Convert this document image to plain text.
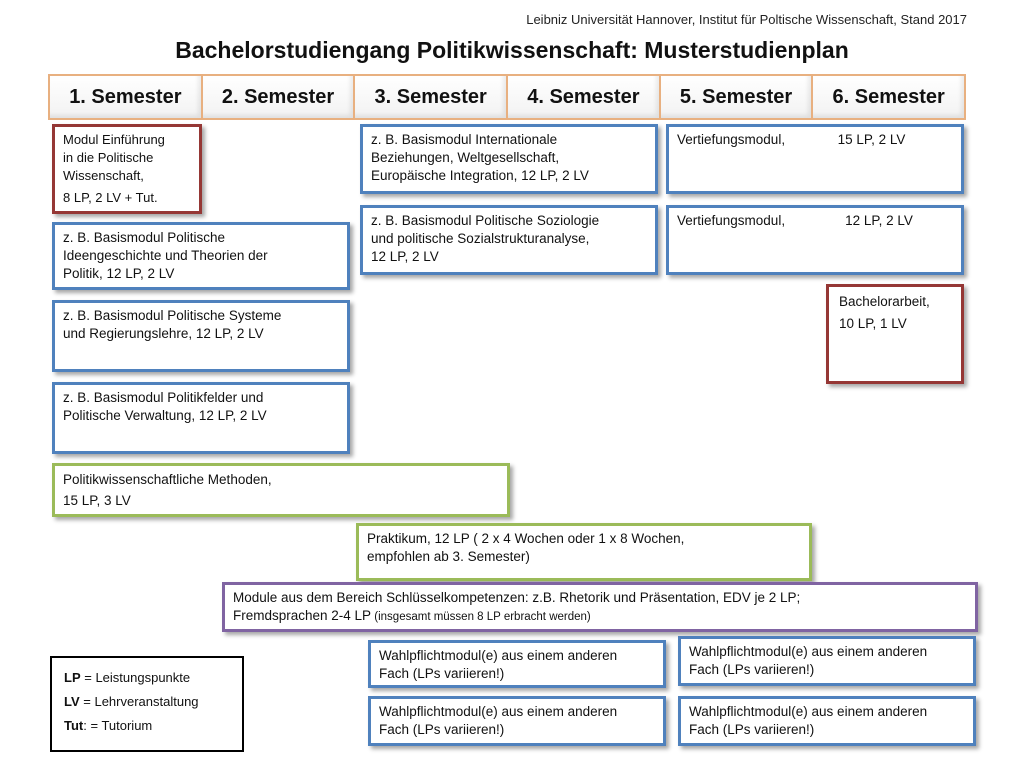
Leibniz Universität Hannover, Institut für Poltische Wissenschaft, Stand 2017
Bachelorstudiengang Politikwissenschaft: Musterstudienplan
1. Semester	2. Semester	3. Semester	4. Semester	5. Semester	6. Semester
Modul Einführung
in die Politische
Wissenschaft,
8 LP, 2 LV + Tut.
z. B. Basismodul Politische
Ideengeschichte und Theorien der
Politik, 12 LP, 2 LV
z. B. Basismodul Politische Systeme
und Regierungslehre, 12 LP, 2 LV
z. B. Basismodul Politikfelder und
Politische Verwaltung, 12 LP, 2 LV
Politikwissenschaftliche Methoden,
15 LP, 3 LV
z. B. Basismodul Internationale
Beziehungen, Weltgesellschaft,
Europäische Integration, 12 LP, 2 LV
z. B. Basismodul Politische Soziologie
und politische Sozialstrukturanalyse,
12 LP, 2 LV
Vertiefungsmodul,              15 LP, 2 LV
Vertiefungsmodul,                12 LP, 2 LV
Bachelorarbeit,
10 LP, 1 LV
Praktikum, 12 LP ( 2 x 4 Wochen oder 1 x 8 Wochen,
empfohlen ab 3. Semester)
Module aus dem Bereich Schlüsselkompetenzen: z.B. Rhetorik und Präsentation, EDV je 2 LP;
Fremdsprachen 2-4 LP (insgesamt müssen 8 LP erbracht werden)
Wahlpflichtmodul(e) aus einem anderen
Fach (LPs variieren!)
Wahlpflichtmodul(e) aus einem anderen
Fach (LPs variieren!)
Wahlpflichtmodul(e) aus einem anderen
Fach (LPs variieren!)
Wahlpflichtmodul(e) aus einem anderen
Fach (LPs variieren!)
LP = Leistungspunkte
LV = Lehrveranstaltung
Tut: = Tutorium
